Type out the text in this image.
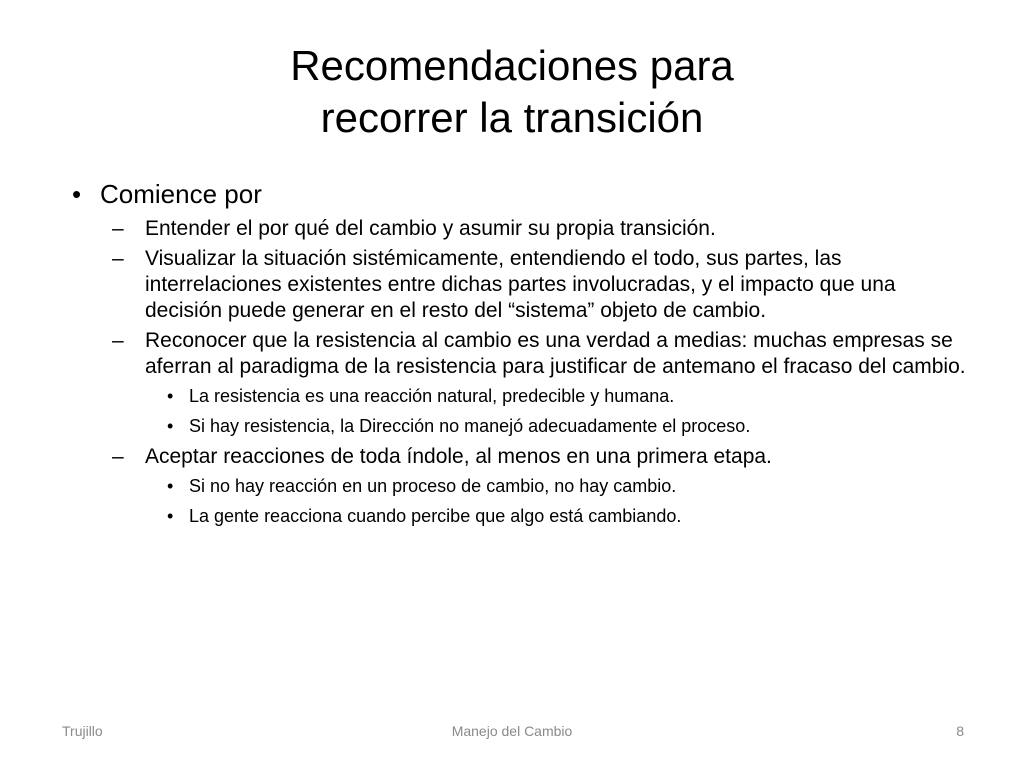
Recomendaciones para
recorrer la transición
• Comience por
– Entender el por qué del cambio y asumir su propia transición.
– Visualizar la situación sistémicamente, entendiendo el todo, sus partes, las interrelaciones existentes entre dichas partes involucradas, y el impacto que una decisión puede generar en el resto del “sistema” objeto de cambio.
– Reconocer que la resistencia al cambio es una verdad a medias: muchas empresas se aferran al paradigma de la resistencia para justificar de antemano el fracaso del cambio.
• La resistencia es una reacción natural, predecible y humana.
• Si hay resistencia, la Dirección no manejó adecuadamente el proceso.
– Aceptar reacciones de toda índole, al menos en una primera etapa.
• Si no hay reacción en un proceso de cambio, no hay cambio.
• La gente reacciona cuando percibe que algo está cambiando.
Trujillo	Manejo del Cambio	8
